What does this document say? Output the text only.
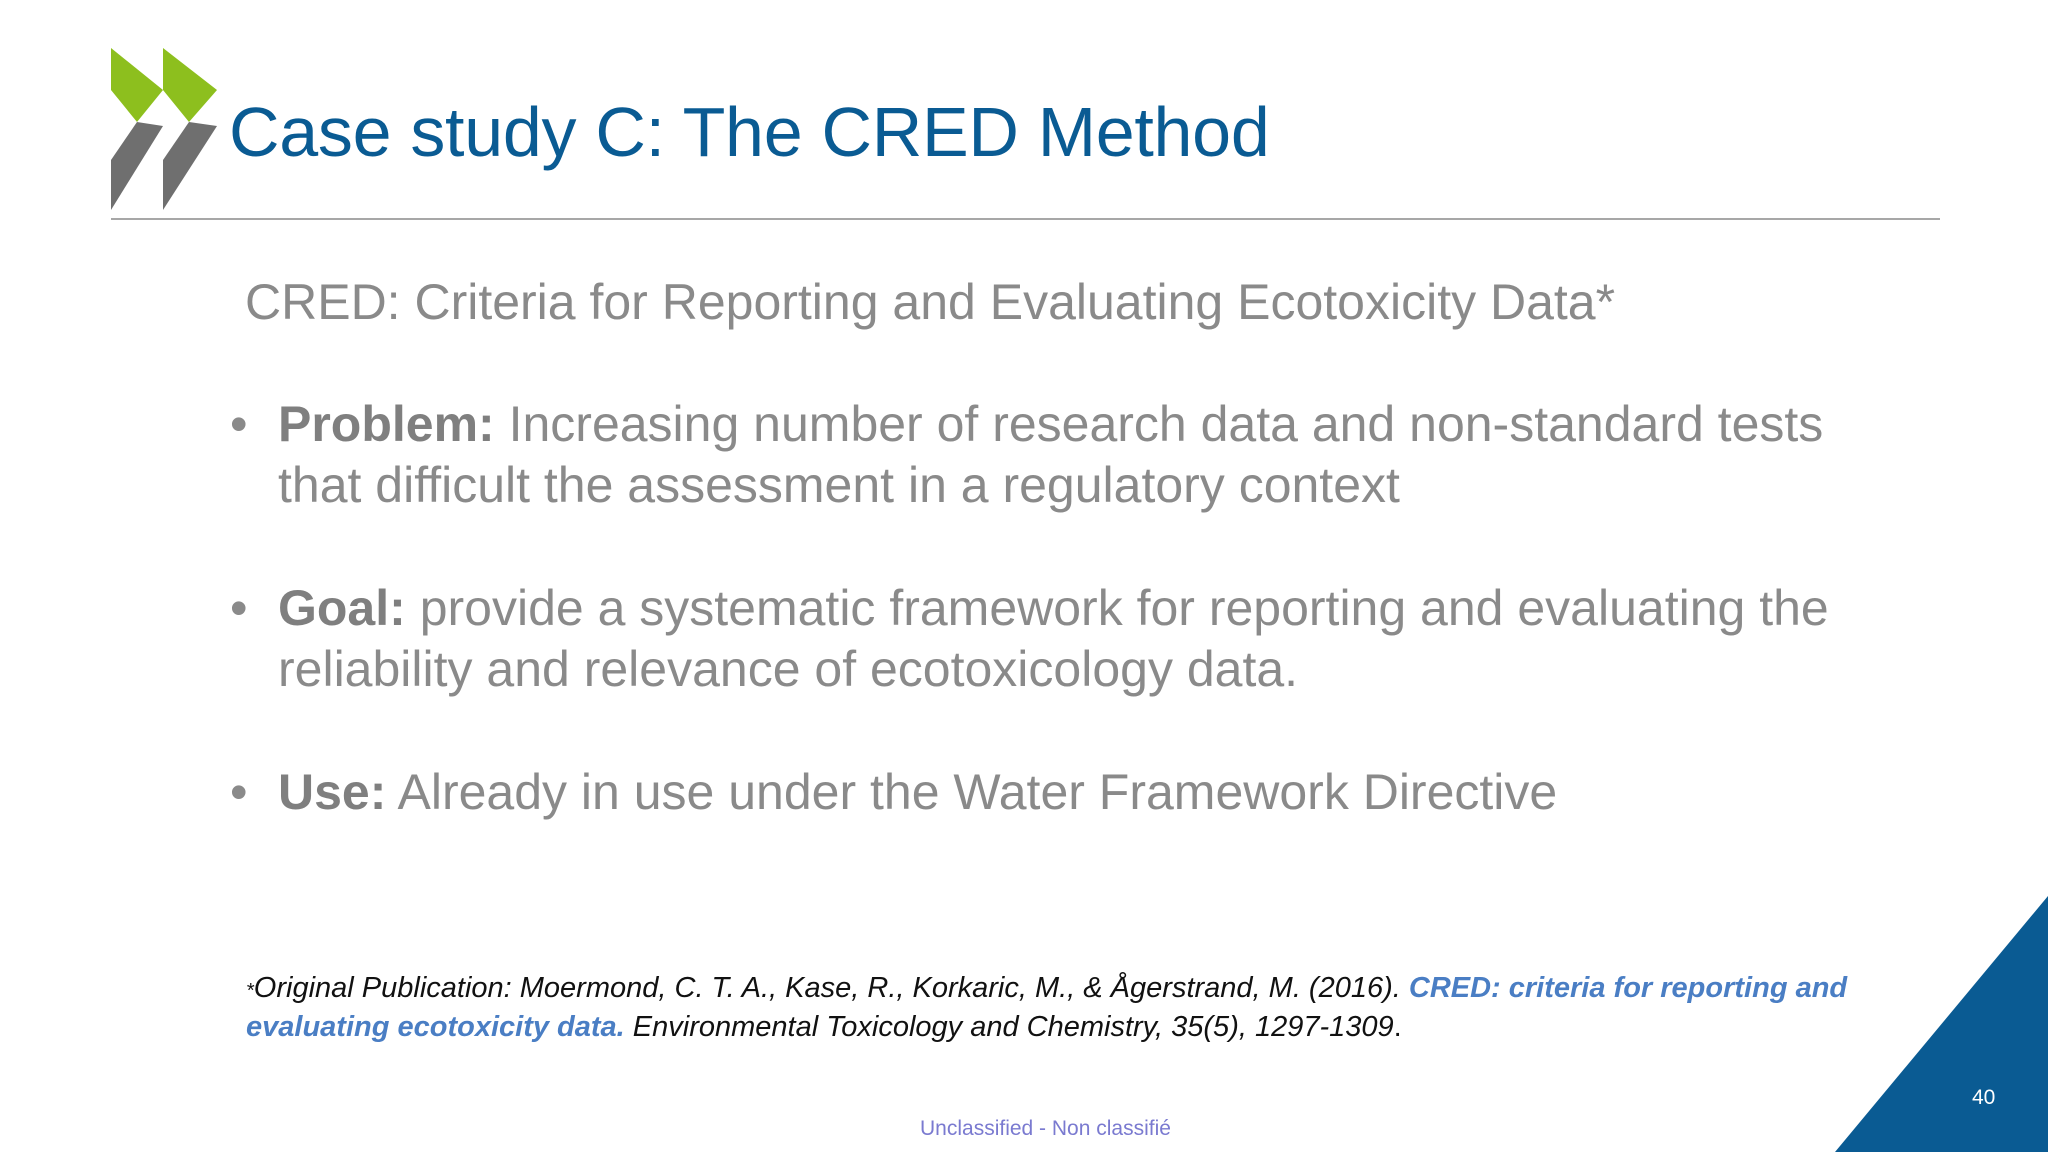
Case study C: The CRED Method

CRED: Criteria for Reporting and Evaluating Ecotoxicity Data*

• Problem: Increasing number of research data and non-standard tests that difficult the assessment in a regulatory context
• Goal: provide a systematic framework for reporting and evaluating the reliability and relevance of ecotoxicology data.
• Use: Already in use under the Water Framework Directive
*Original Publication: Moermond, C. T. A., Kase, R., Korkaric, M., & Ågerstrand, M. (2016). CRED: criteria for reporting and evaluating ecotoxicity data. Environmental Toxicology and Chemistry, 35(5), 1297-1309.
40
Unclassified - Non classifié
